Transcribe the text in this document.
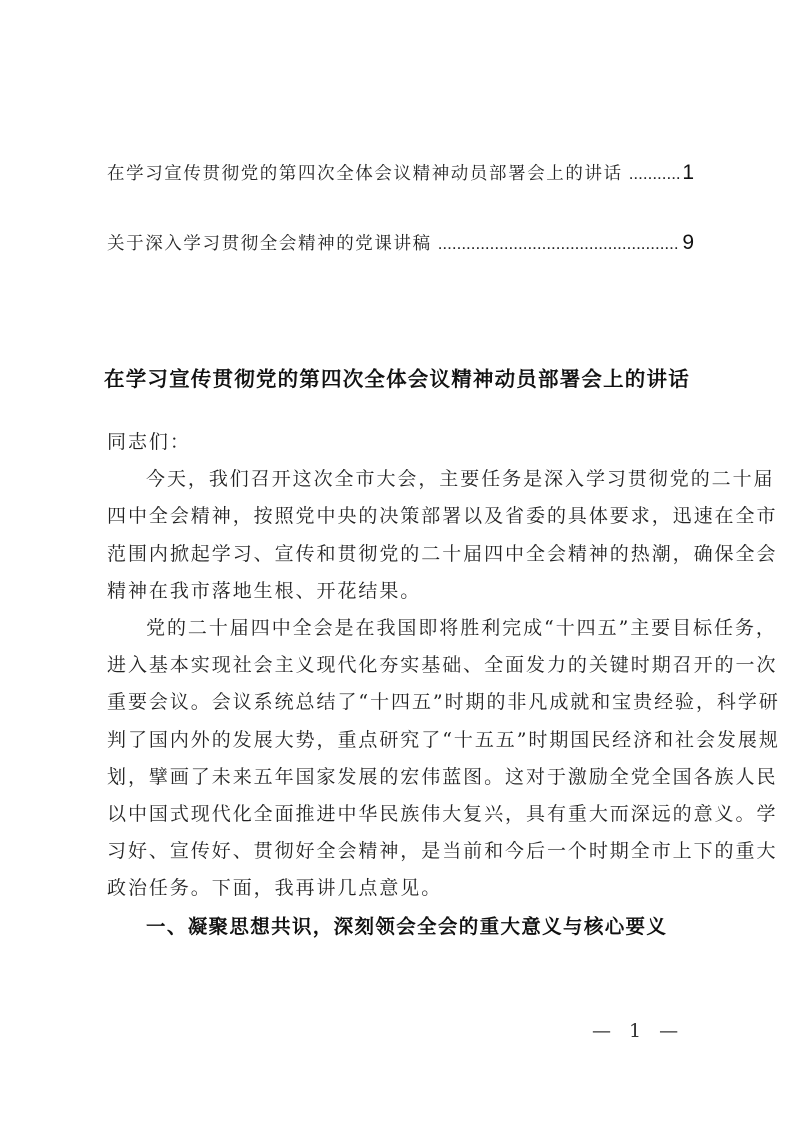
在学习宣传贯彻党的第四次全体会议精神动员部署会上的讲话 .....	1
关于深入学习贯彻全会精神的党课讲稿 .....	9
在学习宣传贯彻党的第四次全体会议精神动员部署会上的讲话

同志们：

今天，我们召开这次全市大会，主要任务是深入学习贯彻党的二十届
四中全会精神，按照党中央的决策部署以及省委的具体要求，迅速在全市
范围内掀起学习、宣传和贯彻党的二十届四中全会精神的热潮，确保全会
精神在我市落地生根、开花结果。

党的二十届四中全会是在我国即将胜利完成“十四五”主要目标任务，
进入基本实现社会主义现代化夯实基础、全面发力的关键时期召开的一次
重要会议。会议系统总结了“十四五”时期的非凡成就和宝贵经验，科学研
判了国内外的发展大势，重点研究了“十五五”时期国民经济和社会发展规
划，擘画了未来五年国家发展的宏伟蓝图。这对于激励全党全国各族人民
以中国式现代化全面推进中华民族伟大复兴，具有重大而深远的意义。学
习好、宣传好、贯彻好全会精神，是当前和今后一个时期全市上下的重大
政治任务。下面，我再讲几点意见。

一、凝聚思想共识，深刻领会全会的重大意义与核心要义
— 1 —
